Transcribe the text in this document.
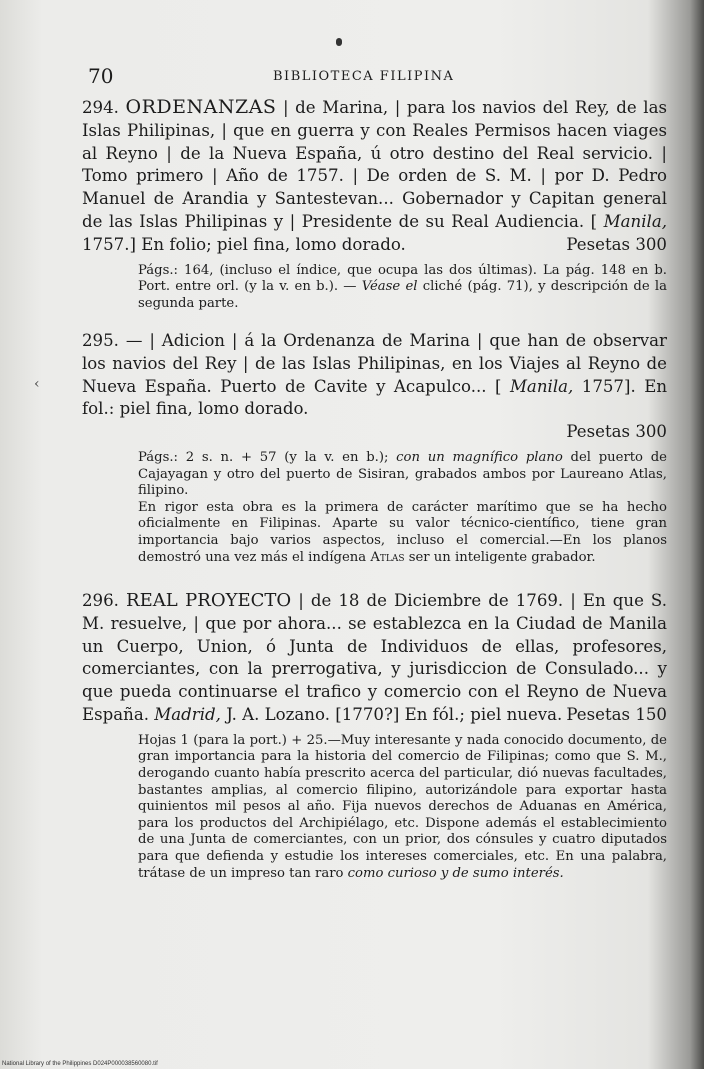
70	BIBLIOTECA FILIPINA

294. ORDENANZAS | de Marina, | para los navios del Rey, de las Islas Philipinas, | que en guerra y con Reales Permisos hacen viages al Reyno | de la Nueva España, ú otro destino del Real servicio. | Tomo primero | Año de 1757. | De orden de S. M. | por D. Pedro Manuel de Arandia y Santestevan... Gobernador y Capitan general de las Islas Philipinas y | Presidente de su Real Audiencia. [ Manila, 1757.] En folio; piel fina, lomo dorado.	Pesetas 300

Págs.: 164, (incluso el índice, que ocupa las dos últimas). La pág. 148 en b. Port. entre orl. (y la v. en b.). — Véase el cliché (pág. 71), y descripción de la segunda parte.

295. — | Adicion | á la Ordenanza de Marina | que han de observar los navios del Rey | de las Islas Philipinas, en los Viajes al Reyno de Nueva España. Puerto de Cavite y Acapulco... [ Manila, 1757]. En fol.: piel fina, lomo dorado.
Pesetas 300

Págs.: 2 s. n. + 57 (y la v. en b.); con un magnífico plano del puerto de Cajayagan y otro del puerto de Sisiran, grabados ambos por Laureano Atlas, filipino.

En rigor esta obra es la primera de carácter marítimo que se ha hecho oficialmente en Filipinas. Aparte su valor técnico-científico, tiene gran importancia bajo varios aspectos, incluso el comercial.—En los planos demostró una vez más el indígena Atlas ser un inteligente grabador.

‹

296. REAL PROYECTO | de 18 de Diciembre de 1769. | En que S. M. resuelve, | que por ahora... se establezca en la Ciudad de Manila un Cuerpo, Union, ó Junta de Individuos de ellas, profesores, comerciantes, con la prerrogativa, y jurisdiccion de Consulado... y que pueda continuarse el trafico y comercio con el Reyno de Nueva España. Madrid, J. A. Lozano. [1770?] En fól.; piel nueva. Pesetas 150

Hojas 1 (para la port.) + 25.—Muy interesante y nada conocido documento, de gran importancia para la historia del comercio de Filipinas; como que S. M., derogando cuanto había prescrito acerca del particular, dió nuevas facultades, bastantes amplias, al comercio filipino, autorizándole para exportar hasta quinientos mil pesos al año. Fija nuevos derechos de Aduanas en América, para los productos del Archipiélago, etc. Dispone además el establecimiento de una Junta de comerciantes, con un prior, dos cónsules y cuatro diputados para que defienda y estudie los intereses comerciales, etc. En una palabra, trátase de un impreso tan raro como curioso y de sumo interés.

National Library of the Philippines D024P000038560080.tif
